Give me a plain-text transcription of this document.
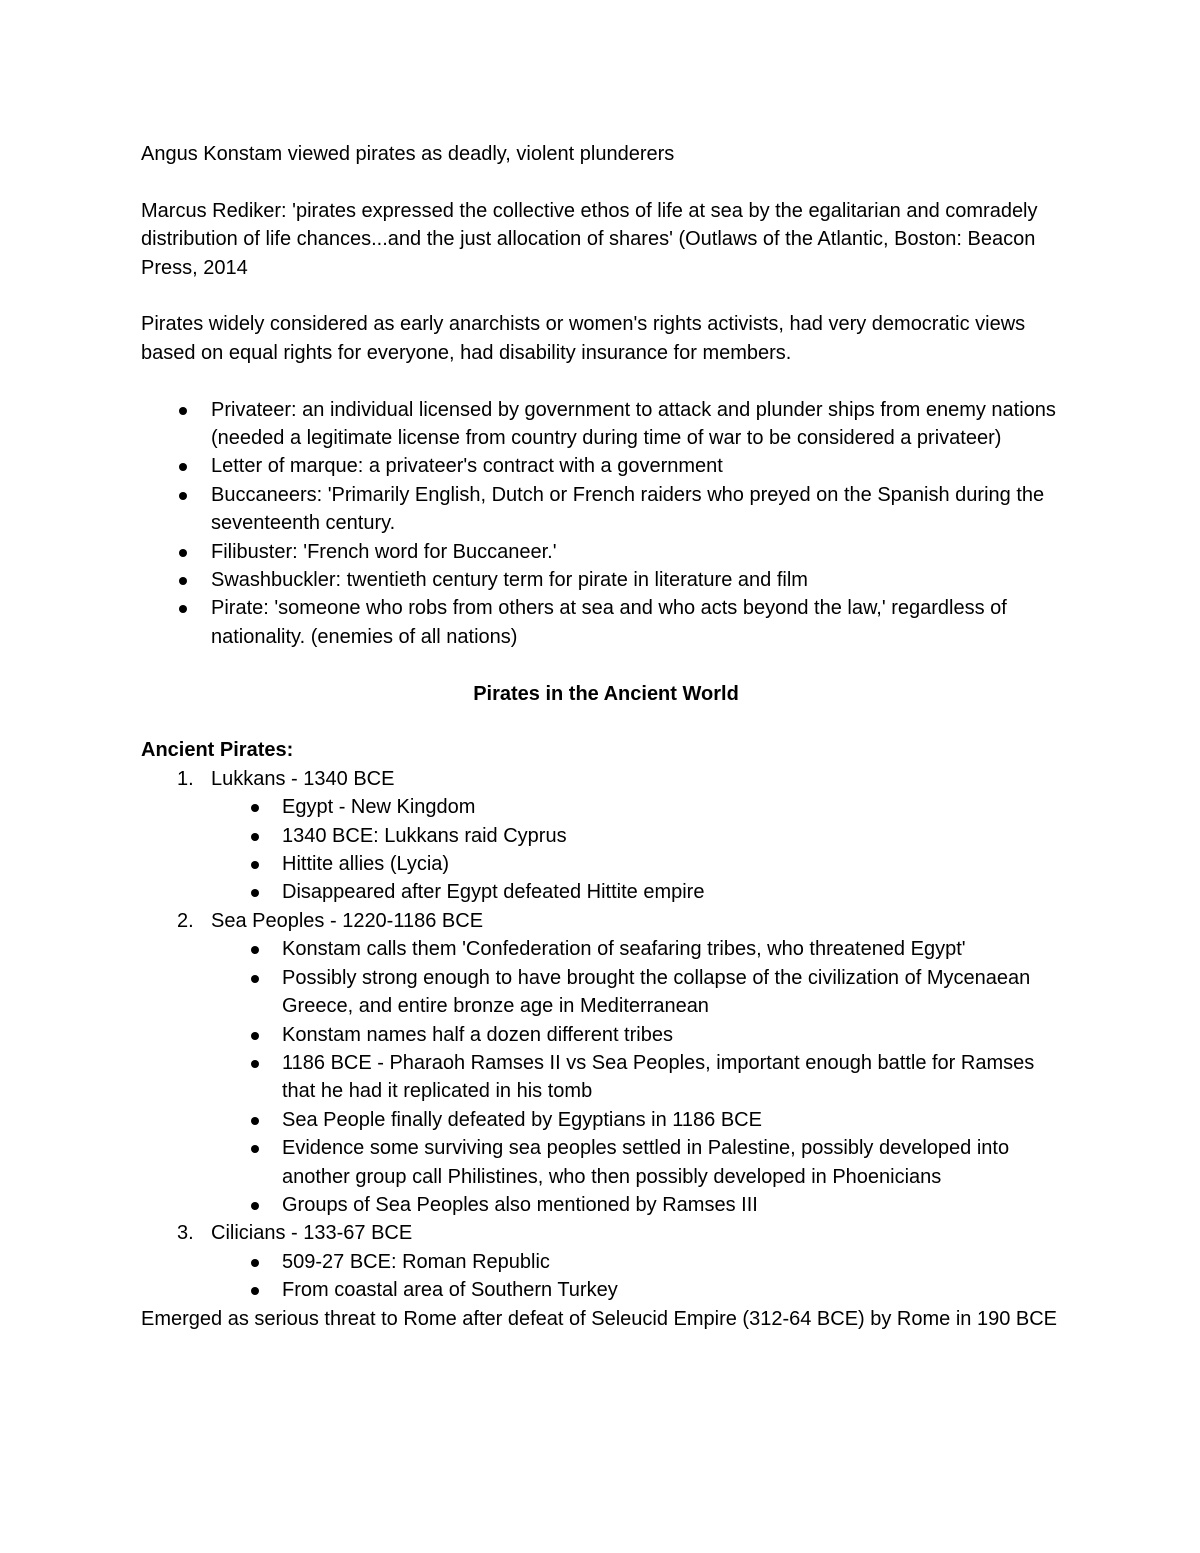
Angus Konstam viewed pirates as deadly, violent plunderers

Marcus Rediker: 'pirates expressed the collective ethos of life at sea by the egalitarian and comradely distribution of life chances...and the just allocation of shares' (Outlaws of the Atlantic, Boston: Beacon Press, 2014

Pirates widely considered as early anarchists or women's rights activists, had very democratic views based on equal rights for everyone, had disability insurance for members.

Privateer: an individual licensed by government to attack and plunder ships from enemy nations (needed a legitimate license from country during time of war to be considered a privateer)
Letter of marque: a privateer's contract with a government
Buccaneers: 'Primarily English, Dutch or French raiders who preyed on the Spanish during the seventeenth century.
Filibuster: 'French word for Buccaneer.'
Swashbuckler: twentieth century term for pirate in literature and film
Pirate: 'someone who robs from others at sea and who acts beyond the law,' regardless of nationality. (enemies of all nations)

Pirates in the Ancient World

Ancient Pirates:

1. Lukkans - 1340 BCE
Egypt - New Kingdom
1340 BCE: Lukkans raid Cyprus
Hittite allies (Lycia)
Disappeared after Egypt defeated Hittite empire
2. Sea Peoples - 1220-1186 BCE
Konstam calls them 'Confederation of seafaring tribes, who threatened Egypt'
Possibly strong enough to have brought the collapse of the civilization of Mycenaean Greece, and entire bronze age in Mediterranean
Konstam names half a dozen different tribes
1186 BCE - Pharaoh Ramses II vs Sea Peoples, important enough battle for Ramses that he had it replicated in his tomb
Sea People finally defeated by Egyptians in 1186 BCE
Evidence some surviving sea peoples settled in Palestine, possibly developed into another group call Philistines, who then possibly developed in Phoenicians
Groups of Sea Peoples also mentioned by Ramses III
3. Cilicians - 133-67 BCE
509-27 BCE: Roman Republic
From coastal area of Southern Turkey

Emerged as serious threat to Rome after defeat of Seleucid Empire (312-64 BCE) by Rome in 190 BCE
